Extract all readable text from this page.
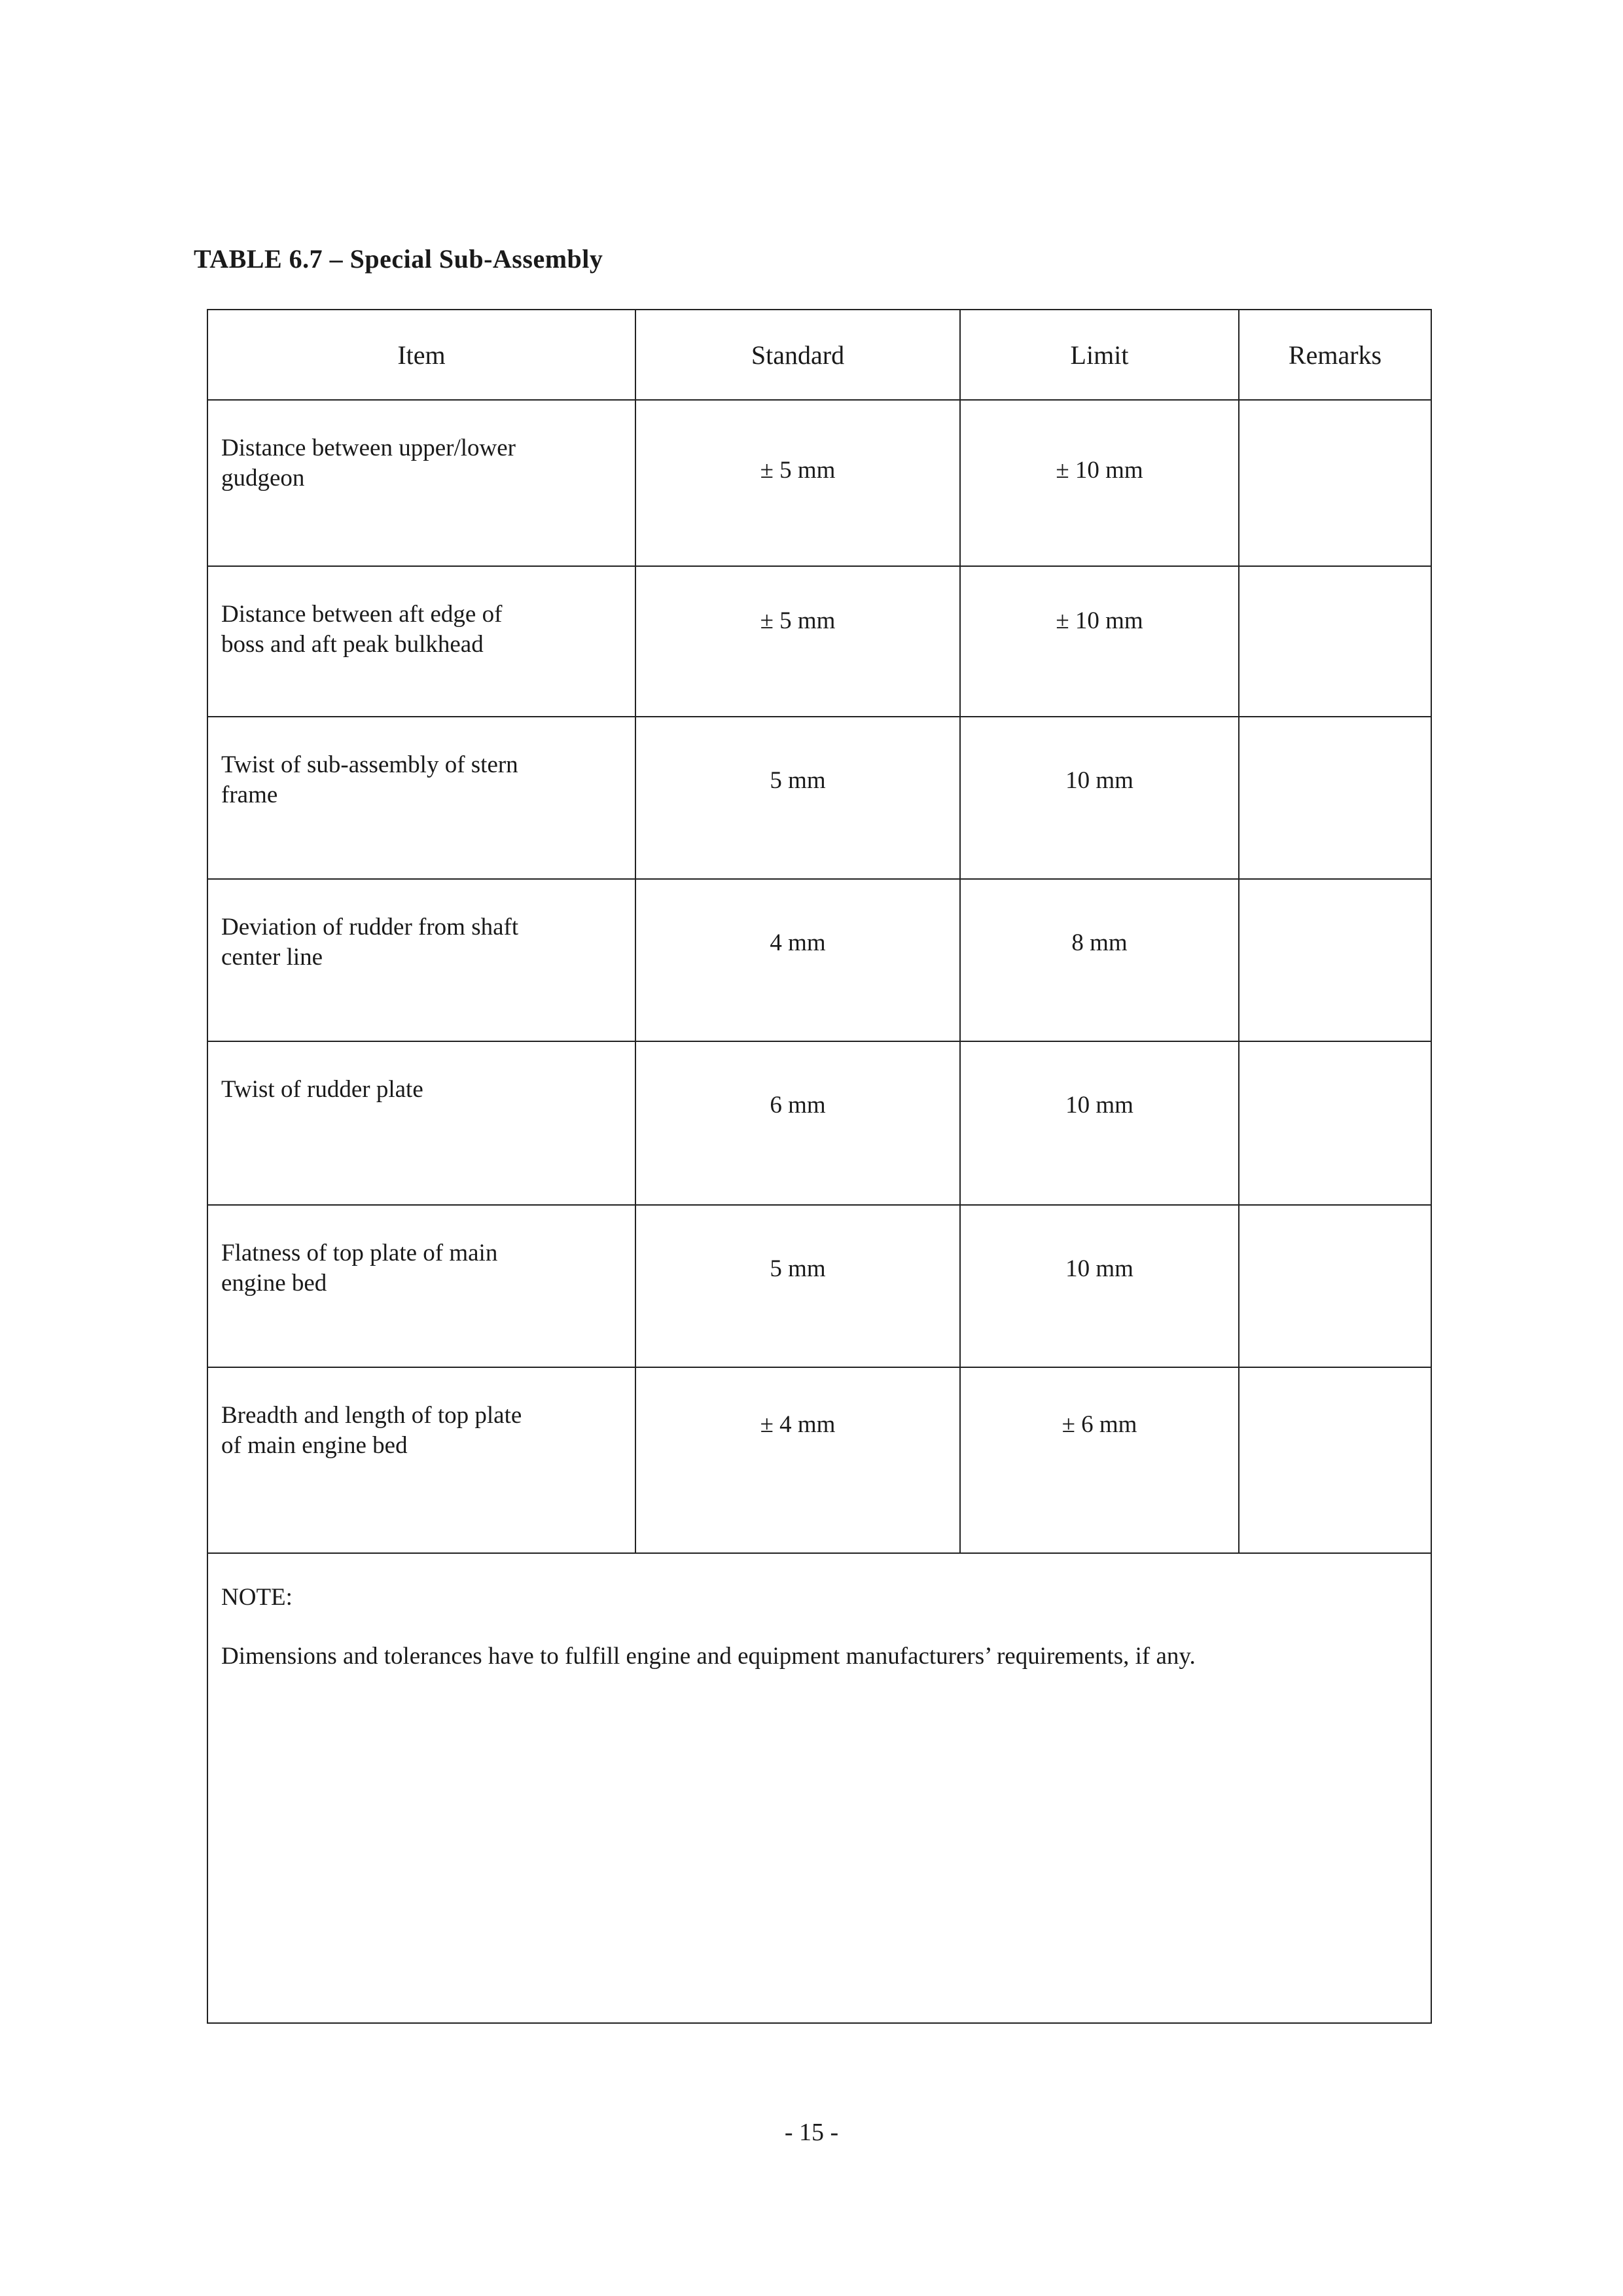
TABLE 6.7 – Special Sub-Assembly
Item	Standard	Limit	Remarks

Distance between upper/lower gudgeon	± 5 mm	± 10 mm	

Distance between aft edge of boss and aft peak bulkhead	± 5 mm	± 10 mm	

Twist of sub-assembly of stern frame	5 mm	10 mm	

Deviation of rudder from shaft center line	4 mm	8 mm	

Twist of rudder plate	6 mm	10 mm	

Flatness of top plate of main engine bed	5 mm	10 mm	

Breadth and length of top plate of main engine bed	± 4 mm	± 6 mm	

NOTE:
Dimensions and tolerances have to fulfill engine and equipment manufacturers’ requirements, if any.			
- 15 -
